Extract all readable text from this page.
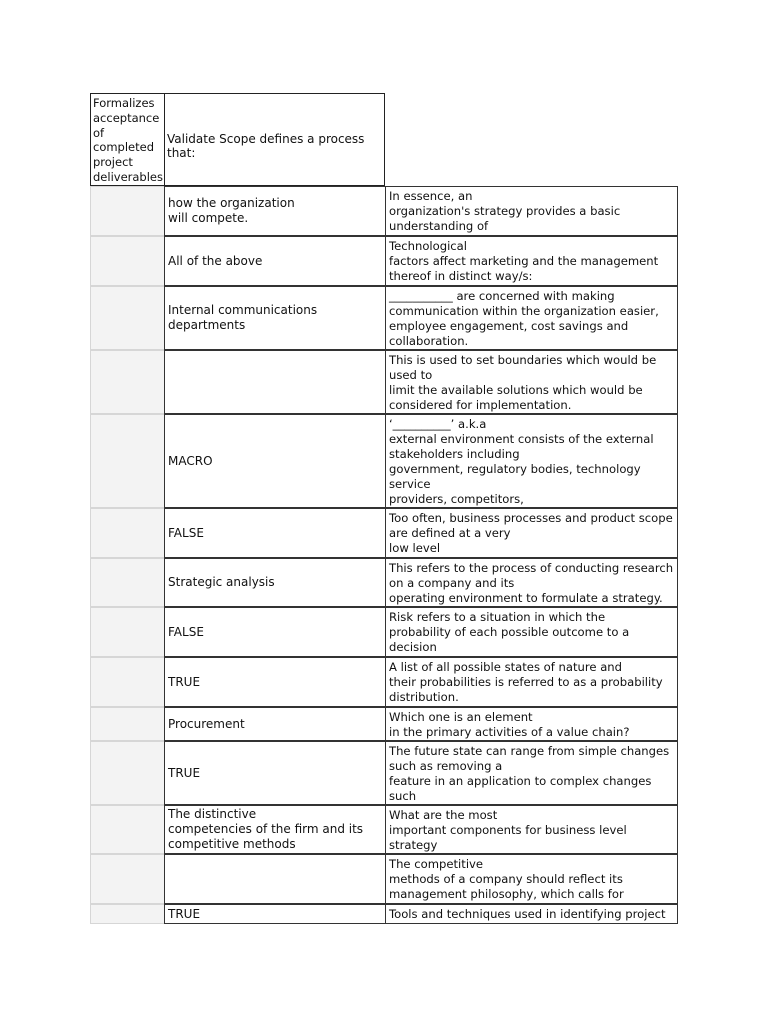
Formalizes
acceptance
of
completed
project
deliverables
Validate Scope defines a process that:
how the organization
will compete.
In essence, an
organization's strategy provides a basic
understanding of
All of the above
Technological
factors affect marketing and the management
thereof in distinct way/s:
Internal communications departments
___________ are concerned with making
communication within the organization easier,
employee engagement, cost savings and
collaboration.
This is used to set boundaries which would be
used to
limit the available solutions which would be
considered for implementation.
MACRO
‘__________’ a.k.a
external environment consists of the external
stakeholders including
government, regulatory bodies, technology service
providers, competitors,

FALSE
Too often, business processes and product scope
are defined at a very
low level
Strategic analysis
This refers to the process of conducting research
on a company and its
operating environment to formulate a strategy.
FALSE
Risk refers to a situation in which the
probability of each possible outcome to a decision

TRUE
A list of all possible states of nature and
their probabilities is referred to as a probability
distribution.
Procurement	Which one is an element
in the primary activities of a value chain?
TRUE
The future state can range from simple changes
such as removing a
feature in an application to complex changes such

The distinctive
competencies of the firm and its
competitive methods
What are the most
important components for business level strategy

The competitive
methods of a company should reflect its
management philosophy, which calls for
TRUE	Tools and techniques used in identifying project
